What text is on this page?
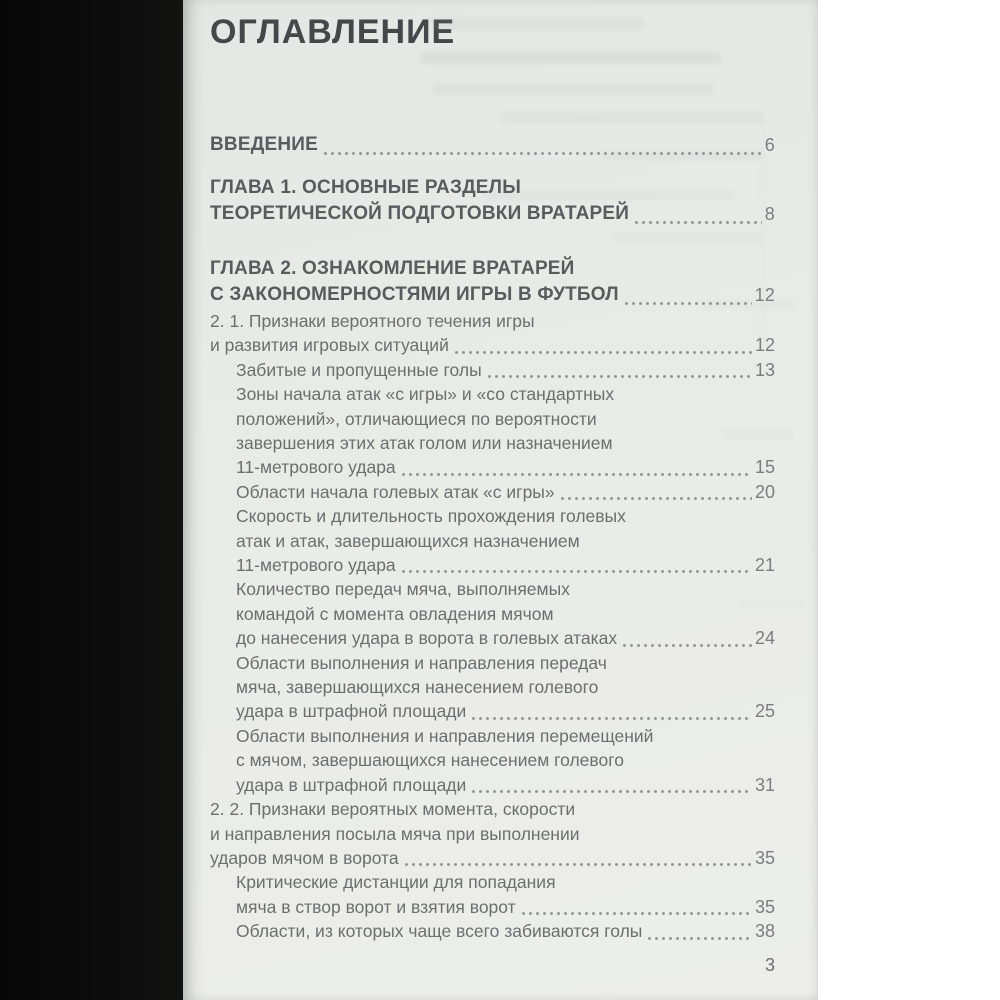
ОГЛАВЛЕНИЕ
ВВЕДЕНИЕ	6
ГЛАВА 1. ОСНОВНЫЕ РАЗДЕЛЫ
ТЕОРЕТИЧЕСКОЙ ПОДГОТОВКИ ВРАТАРЕЙ	8
ГЛАВА 2. ОЗНАКОМЛЕНИЕ ВРАТАРЕЙ
С ЗАКОНОМЕРНОСТЯМИ ИГРЫ В ФУТБОЛ	12
2. 1. Признаки вероятного течения игры
и развития игровых ситуаций	12
Забитые и пропущенные голы	13
Зоны начала атак «с игры» и «со стандартных
положений», отличающиеся по вероятности
завершения этих атак голом или назначением
11-метрового удара	15
Области начала голевых атак «с игры»	20
Скорость и длительность прохождения голевых
атак и атак, завершающихся назначением
11-метрового удара	21
Количество передач мяча, выполняемых
командой с момента овладения мячом
до нанесения удара в ворота в голевых атаках	24
Области выполнения и направления передач
мяча, завершающихся нанесением голевого
удара в штрафной площади	25
Области выполнения и направления перемещений
с мячом, завершающихся нанесением голевого
удара в штрафной площади	31
2. 2. Признаки вероятных момента, скорости
и направления посыла мяча при выполнении
ударов мячом в ворота	35
Критические дистанции для попадания
мяча в створ ворот и взятия ворот	35
Области, из которых чаще всего забиваются голы	38
3
